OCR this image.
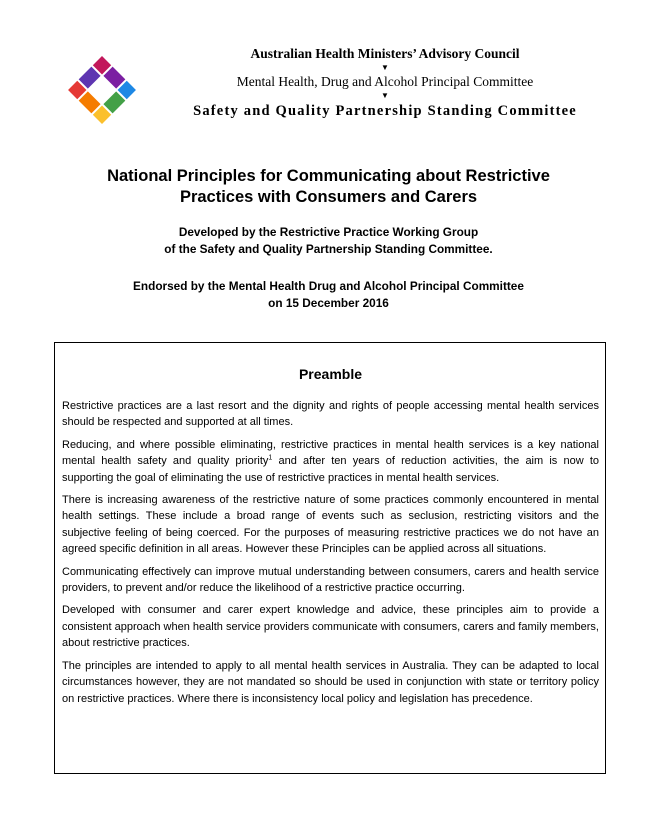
Australian Health Ministers’ Advisory Council
▼
Mental Health, Drug and Alcohol Principal Committee
▼
Safety and Quality Partnership Standing Committee
National Principles for Communicating about Restrictive
Practices with Consumers and Carers
Developed by the Restrictive Practice Working Group
of the Safety and Quality Partnership Standing Committee.
Endorsed by the Mental Health Drug and Alcohol Principal Committee
on 15 December 2016
Preamble

Restrictive practices are a last resort and the dignity and rights of people accessing mental health services should be respected and supported at all times.

Reducing, and where possible eliminating, restrictive practices in mental health services is a key national mental health safety and quality priority$^1$ and after ten years of reduction activities, the aim is now to supporting the goal of eliminating the use of restrictive practices in mental health services.

There is increasing awareness of the restrictive nature of some practices commonly encountered in mental health settings. These include a broad range of events such as seclusion, restricting visitors and the subjective feeling of being coerced. For the purposes of measuring restrictive practices we do not have an agreed specific definition in all areas. However these Principles can be applied across all situations.

Communicating effectively can improve mutual understanding between consumers, carers and health service providers, to prevent and/or reduce the likelihood of a restrictive practice occurring.

Developed with consumer and carer expert knowledge and advice, these principles aim to provide a consistent approach when health service providers communicate with consumers, carers and family members, about restrictive practices.

The principles are intended to apply to all mental health services in Australia. They can be adapted to local circumstances however, they are not mandated so should be used in conjunction with state or territory policy on restrictive practices. Where there is inconsistency local policy and legislation has precedence.
